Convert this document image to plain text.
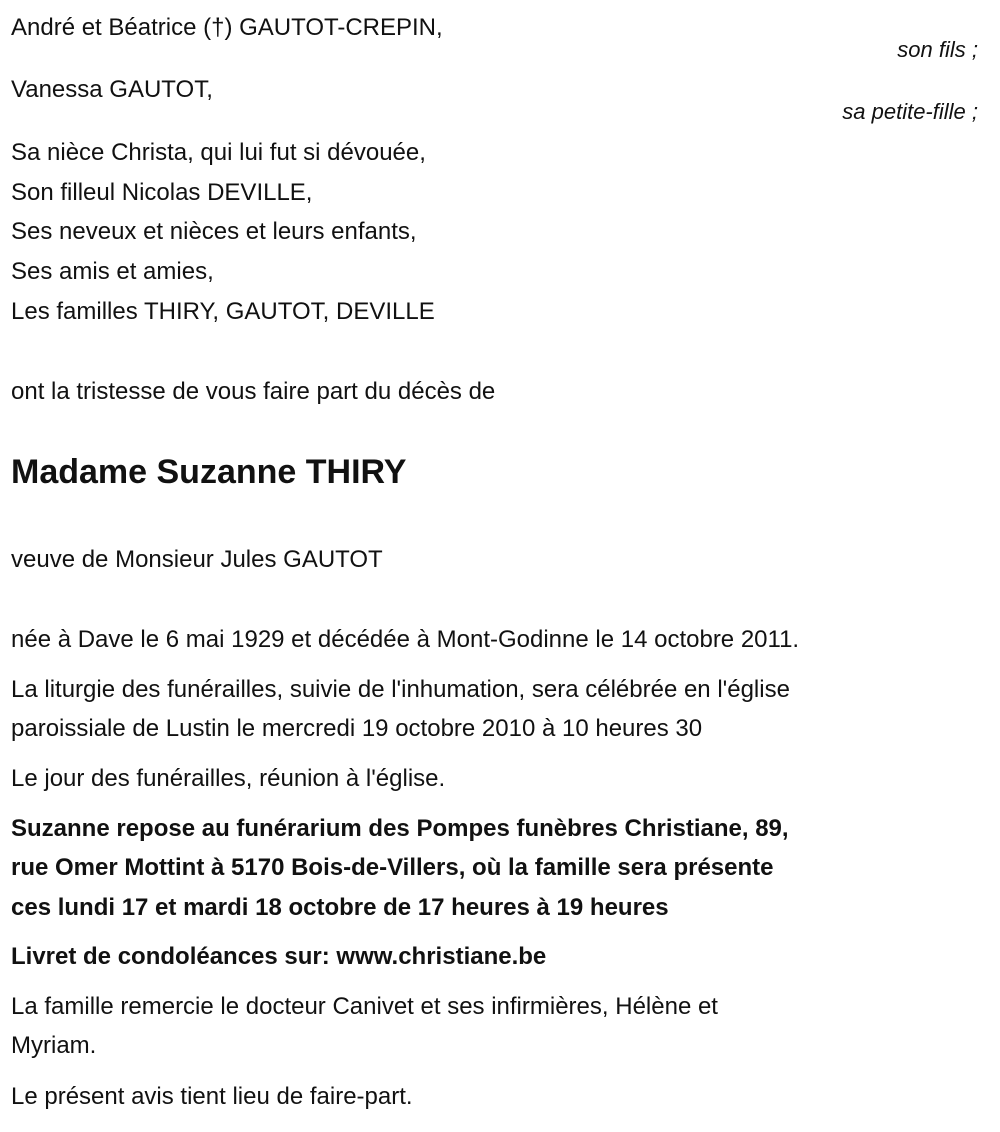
André et Béatrice (†) GAUTOT-CREPIN,
son fils ;
Vanessa GAUTOT,
sa petite-fille ;
Sa nièce Christa, qui lui fut si dévouée,
Son filleul Nicolas DEVILLE,
Ses neveux et nièces et leurs enfants,
Ses amis et amies,
Les familles THIRY, GAUTOT, DEVILLE
ont la tristesse de vous faire part du décès de
Madame Suzanne THIRY
veuve de Monsieur Jules GAUTOT
née à Dave le 6 mai 1929 et décédée à Mont-Godinne le 14 octobre 2011.
La liturgie des funérailles, suivie de l'inhumation, sera célébrée en l'église
paroissiale de Lustin le mercredi 19 octobre 2010 à 10 heures 30
Le jour des funérailles, réunion à l'église.
Suzanne repose au funérarium des Pompes funèbres Christiane, 89,
rue Omer Mottint à 5170 Bois-de-Villers, où la famille sera présente
ces lundi 17 et mardi 18 octobre de 17 heures à 19 heures
Livret de condoléances sur: www.christiane.be
La famille remercie le docteur Canivet et ses infirmières, Hélène et
Myriam.
Le présent avis tient lieu de faire-part.
